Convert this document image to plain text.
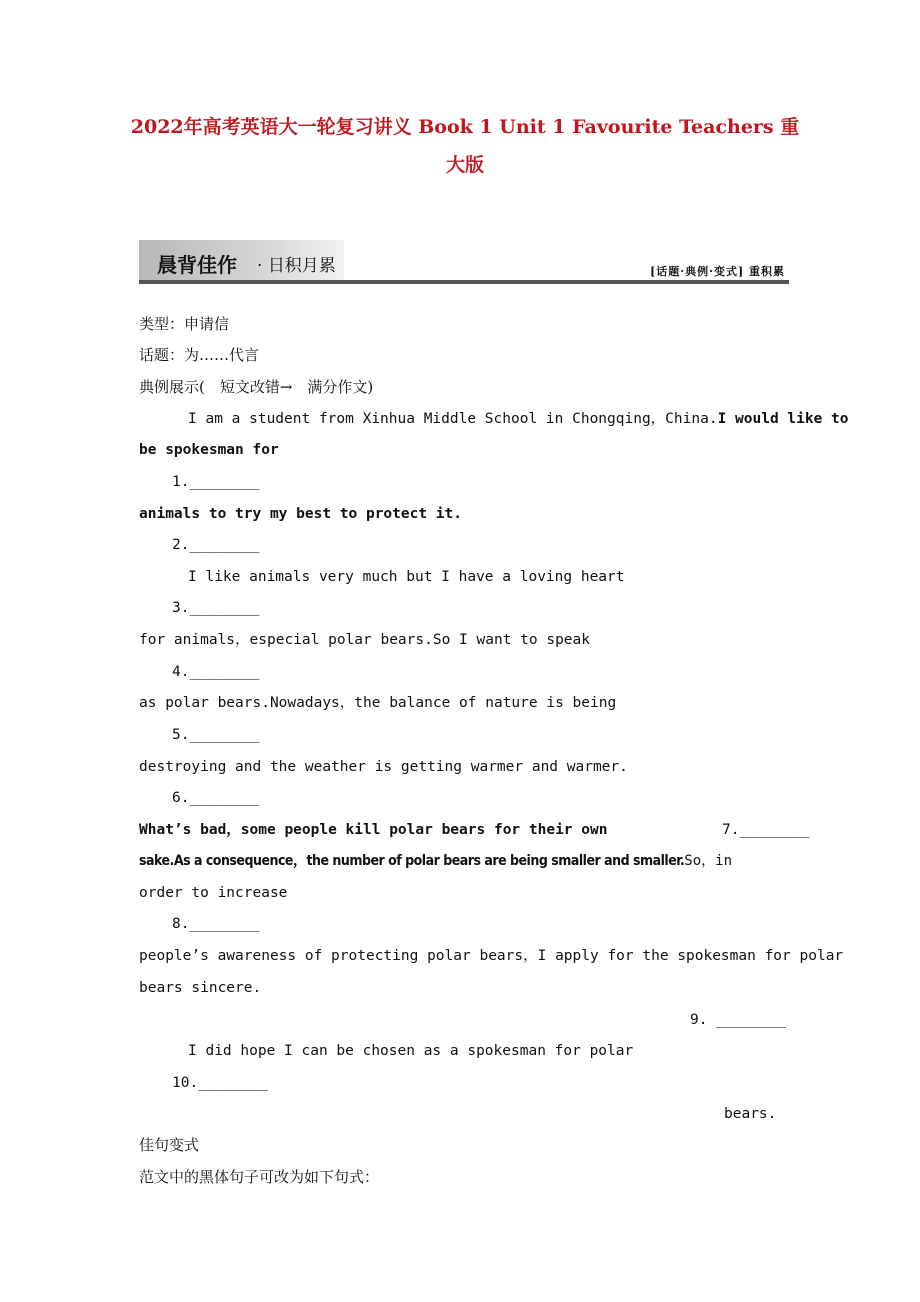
2022年高考英语大一轮复习讲义 Book 1 Unit 1 Favourite Teachers 重
大版
晨背佳作 · 日积月累	[话题·典例·变式] 重积累
类型：申请信
话题：为……代言
典例展示(　短文改错→　满分作文)
I am a student from Xinhua Middle School in Chongqing，China.I would like to
be spokesman for
1.________
animals to try my best to protect it.
2.________
I like animals very much but I have a loving heart
3.________
for animals，especial polar bears.So I want to speak
4.________
as polar bears.Nowadays，the balance of nature is being
5.________
destroying and the weather is getting warmer and warmer.
6.________
What’s bad，some people kill polar bears for their own	7.________
sake.As a consequence，the number of polar bears are being smaller and smaller.So，in
order to increase
8.________
people’s awareness of protecting polar bears，I apply for the spokesman for polar
bears sincere.
9. ________
I did hope I can be chosen as a spokesman for polar
10.________
bears.
佳句变式
范文中的黑体句子可改为如下句式：
